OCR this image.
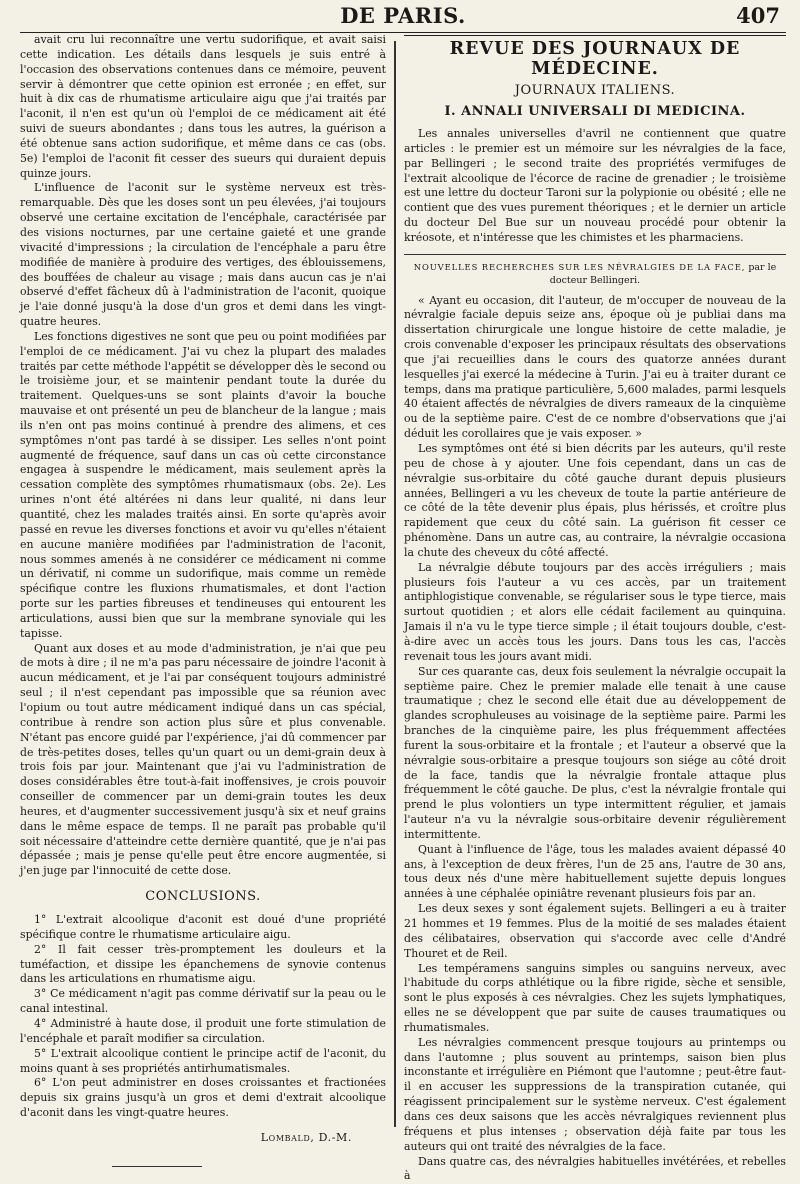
DE PARIS.	407

avait cru lui reconnaître une vertu sudorifique, et avait saisi cette indication. Les détails dans lesquels je suis entré à l'occasion des observations contenues dans ce mémoire, peuvent servir à démontrer que cette opinion est erronée ; en effet, sur huit à dix cas de rhumatisme articulaire aigu que j'ai traités par l'aconit, il n'en est qu'un où l'emploi de ce médicament ait été suivi de sueurs abondantes ; dans tous les autres, la guérison a été obtenue sans action sudorifique, et même dans ce cas (obs. 5e) l'emploi de l'aconit fit cesser des sueurs qui duraient depuis quinze jours.

L'influence de l'aconit sur le système nerveux est très-remarquable. Dès que les doses sont un peu élevées, j'ai toujours observé une certaine excitation de l'encéphale, caractérisée par des visions nocturnes, par une certaine gaieté et une grande vivacité d'impressions ; la circulation de l'encéphale a paru être modifiée de manière à produire des vertiges, des éblouissemens, des bouffées de chaleur au visage ; mais dans aucun cas je n'ai observé d'effet fâcheux dû à l'administration de l'aconit, quoique je l'aie donné jusqu'à la dose d'un gros et demi dans les vingt-quatre heures.

Les fonctions digestives ne sont que peu ou point modifiées par l'emploi de ce médicament. J'ai vu chez la plupart des malades traités par cette méthode l'appétit se développer dès le second ou le troisième jour, et se maintenir pendant toute la durée du traitement. Quelques-uns se sont plaints d'avoir la bouche mauvaise et ont présenté un peu de blancheur de la langue ; mais ils n'en ont pas moins continué à prendre des alimens, et ces symptômes n'ont pas tardé à se dissiper. Les selles n'ont point augmenté de fréquence, sauf dans un cas où cette circonstance engagea à suspendre le médicament, mais seulement après la cessation complète des symptômes rhumatismaux (obs. 2e). Les urines n'ont été altérées ni dans leur qualité, ni dans leur quantité, chez les malades traités ainsi. En sorte qu'après avoir passé en revue les diverses fonctions et avoir vu qu'elles n'étaient en aucune manière modifiées par l'administration de l'aconit, nous sommes amenés à ne considérer ce médicament ni comme un dérivatif, ni comme un sudorifique, mais comme un remède spécifique contre les fluxions rhumatismales, et dont l'action porte sur les parties fibreuses et tendineuses qui entourent les articulations, aussi bien que sur la membrane synoviale qui les tapisse.

Quant aux doses et au mode d'administration, je n'ai que peu de mots à dire ; il ne m'a pas paru nécessaire de joindre l'aconit à aucun médicament, et je l'ai par conséquent toujours administré seul ; il n'est cependant pas impossible que sa réunion avec l'opium ou tout autre médicament indiqué dans un cas spécial, contribue à rendre son action plus sûre et plus convenable. N'étant pas encore guidé par l'expérience, j'ai dû commencer par de très-petites doses, telles qu'un quart ou un demi-grain deux à trois fois par jour. Maintenant que j'ai vu l'administration de doses considérables être tout-à-fait inoffensives, je crois pouvoir conseiller de commencer par un demi-grain toutes les deux heures, et d'augmenter successivement jusqu'à six et neuf grains dans le même espace de temps. Il ne paraît pas probable qu'il soit nécessaire d'atteindre cette dernière quantité, que je n'ai pas dépassée ; mais je pense qu'elle peut être encore augmentée, si j'en juge par l'innocuité de cette dose.

CONCLUSIONS.

1° L'extrait alcoolique d'aconit est doué d'une propriété spécifique contre le rhumatisme articulaire aigu.

2° Il fait cesser très-promptement les douleurs et la tuméfaction, et dissipe les épanchemens de synovie contenus dans les articulations en rhumatisme aigu.

3° Ce médicament n'agit pas comme dérivatif sur la peau ou le canal intestinal.

4° Administré à haute dose, il produit une forte stimulation de l'encéphale et paraît modifier sa circulation.

5° L'extrait alcoolique contient le principe actif de l'aconit, du moins quant à ses propriétés antirhumatismales.

6° L'on peut administrer en doses croissantes et fractionées depuis six grains jusqu'à un gros et demi d'extrait alcoolique d'aconit dans les vingt-quatre heures.

Lombald, D.-M.
REVUE DES JOURNAUX DE MÉDECINE.
JOURNAUX ITALIENS.
I. ANNALI UNIVERSALI DI MEDICINA.

Les annales universelles d'avril ne contiennent que quatre articles : le premier est un mémoire sur les névralgies de la face, par Bellingeri ; le second traite des propriétés vermifuges de l'extrait alcoolique de l'écorce de racine de grenadier ; le troisième est une lettre du docteur Taroni sur la polypionie ou obésité ; elle ne contient que des vues purement théoriques ; et le dernier un article du docteur Del Bue sur un nouveau procédé pour obtenir la kréosote, et n'intéresse que les chimistes et les pharmaciens.

NOUVELLES RECHERCHES SUR LES NÉVRALGIES DE LA FACE, par le docteur Bellingeri.

« Ayant eu occasion, dit l'auteur, de m'occuper de nouveau de la névralgie faciale depuis seize ans, époque où je publiai dans ma dissertation chirurgicale une longue histoire de cette maladie, je crois convenable d'exposer les principaux résultats des observations que j'ai recueillies dans le cours des quatorze années durant lesquelles j'ai exercé la médecine à Turin. J'ai eu à traiter durant ce temps, dans ma pratique particulière, 5,600 malades, parmi lesquels 40 étaient affectés de névralgies de divers rameaux de la cinquième ou de la septième paire. C'est de ce nombre d'observations que j'ai déduit les corollaires que je vais exposer. »

Les symptômes ont été si bien décrits par les auteurs, qu'il reste peu de chose à y ajouter. Une fois cependant, dans un cas de névralgie sus-orbitaire du côté gauche durant depuis plusieurs années, Bellingeri a vu les cheveux de toute la partie antérieure de ce côté de la tête devenir plus épais, plus hérissés, et croître plus rapidement que ceux du côté sain. La guérison fit cesser ce phénomène. Dans un autre cas, au contraire, la névralgie occasiona la chute des cheveux du côté affecté.

La névralgie débute toujours par des accès irréguliers ; mais plusieurs fois l'auteur a vu ces accès, par un traitement antiphlogistique convenable, se régulariser sous le type tierce, mais surtout quotidien ; et alors elle cédait facilement au quinquina. Jamais il n'a vu le type tierce simple ; il était toujours double, c'est-à-dire avec un accès tous les jours. Dans tous les cas, l'accès revenait tous les jours avant midi.

Sur ces quarante cas, deux fois seulement la névralgie occupait la septième paire. Chez le premier malade elle tenait à une cause traumatique ; chez le second elle était due au développement de glandes scrophuleuses au voisinage de la septième paire. Parmi les branches de la cinquième paire, les plus fréquemment affectées furent la sous-orbitaire et la frontale ; et l'auteur a observé que la névralgie sous-orbitaire a presque toujours son siége au côté droit de la face, tandis que la névralgie frontale attaque plus fréquemment le côté gauche. De plus, c'est la névralgie frontale qui prend le plus volontiers un type intermittent régulier, et jamais l'auteur n'a vu la névralgie sous-orbitaire devenir régulièrement intermittente.

Quant à l'influence de l'âge, tous les malades avaient dépassé 40 ans, à l'exception de deux frères, l'un de 25 ans, l'autre de 30 ans, tous deux nés d'une mère habituellement sujette depuis longues années à une céphalée opiniâtre revenant plusieurs fois par an.

Les deux sexes y sont également sujets. Bellingeri a eu à traiter 21 hommes et 19 femmes. Plus de la moitié de ses malades étaient des célibataires, observation qui s'accorde avec celle d'André Thouret et de Reil.

Les tempéramens sanguins simples ou sanguins nerveux, avec l'habitude du corps athlétique ou la fibre rigide, sèche et sensible, sont le plus exposés à ces névralgies. Chez les sujets lymphatiques, elles ne se développent que par suite de causes traumatiques ou rhumatismales.

Les névralgies commencent presque toujours au printemps ou dans l'automne ; plus souvent au printemps, saison bien plus inconstante et irrégulière en Piémont que l'automne ; peut-être faut-il en accuser les suppressions de la transpiration cutanée, qui réagissent principalement sur le système nerveux. C'est également dans ces deux saisons que les accès névralgiques reviennent plus fréquens et plus intenses ; observation déjà faite par tous les auteurs qui ont traité des névralgies de la face.

Dans quatre cas, des névralgies habituelles invétérées, et rebelles à
